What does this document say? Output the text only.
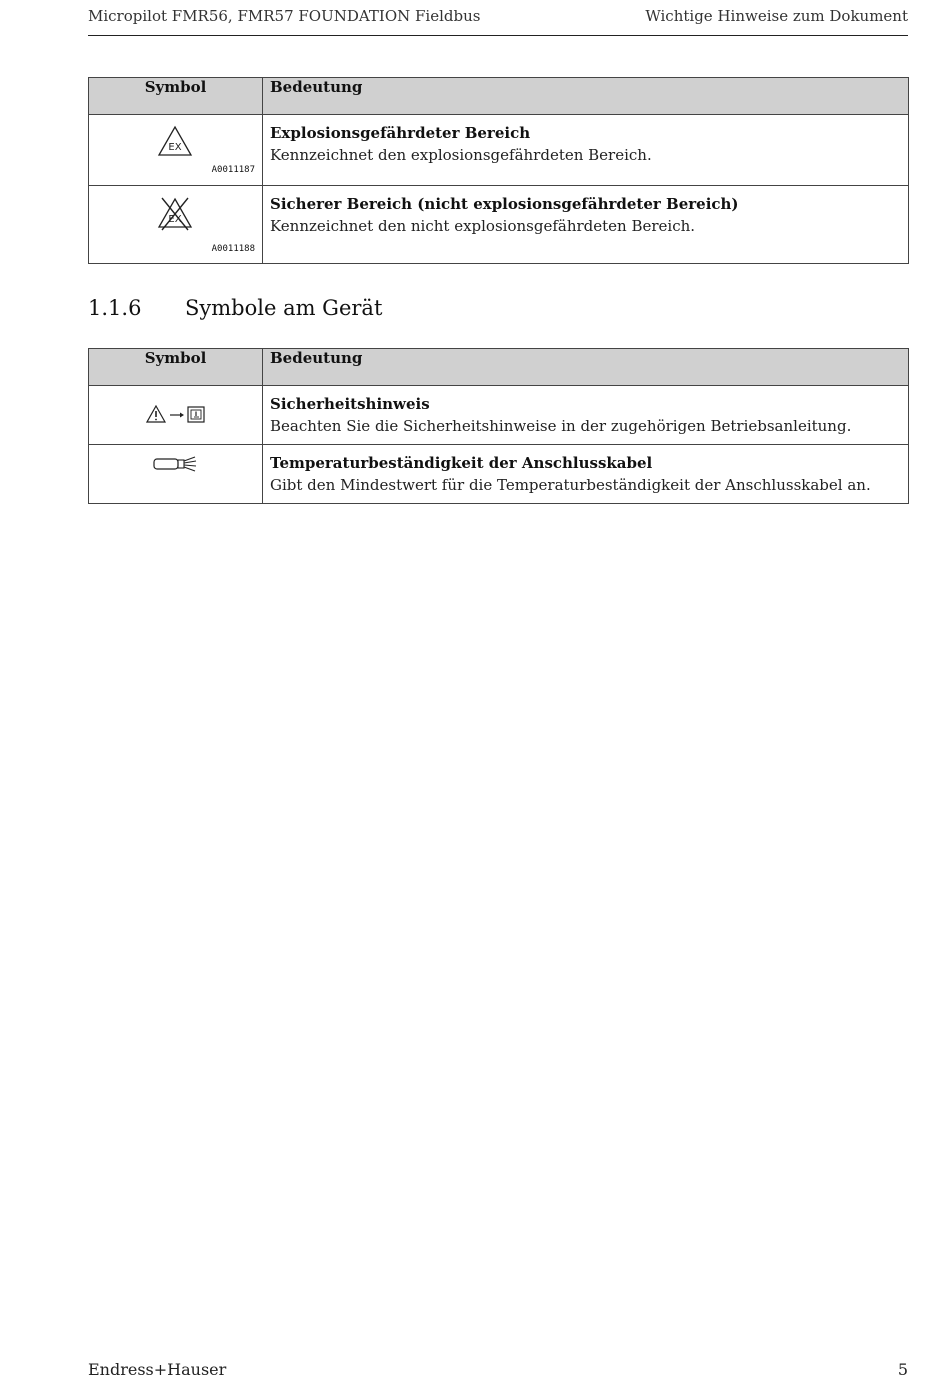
Micropilot FMR56, FMR57 FOUNDATION Fieldbus	Wichtige Hinweise zum Dokument
Symbol	Bedeutung

EX
A0011187	Explosionsgefährdeter Bereich
Kennzeichnet den explosionsgefährdeten Bereich.

EX
A0011188	Sicherer Bereich (nicht explosionsgefährdeter Bereich)
Kennzeichnet den nicht explosionsgefährdeten Bereich.
1.1.6 Symbole am Gerät
Symbol	Bedeutung

Sicherheitshinweis
Beachten Sie die Sicherheitshinweise in der zugehörigen Betriebsanleitung.

Temperaturbeständigkeit der Anschlusskabel
Gibt den Mindestwert für die Temperaturbeständigkeit der Anschlusskabel an.
Endress+Hauser	5
